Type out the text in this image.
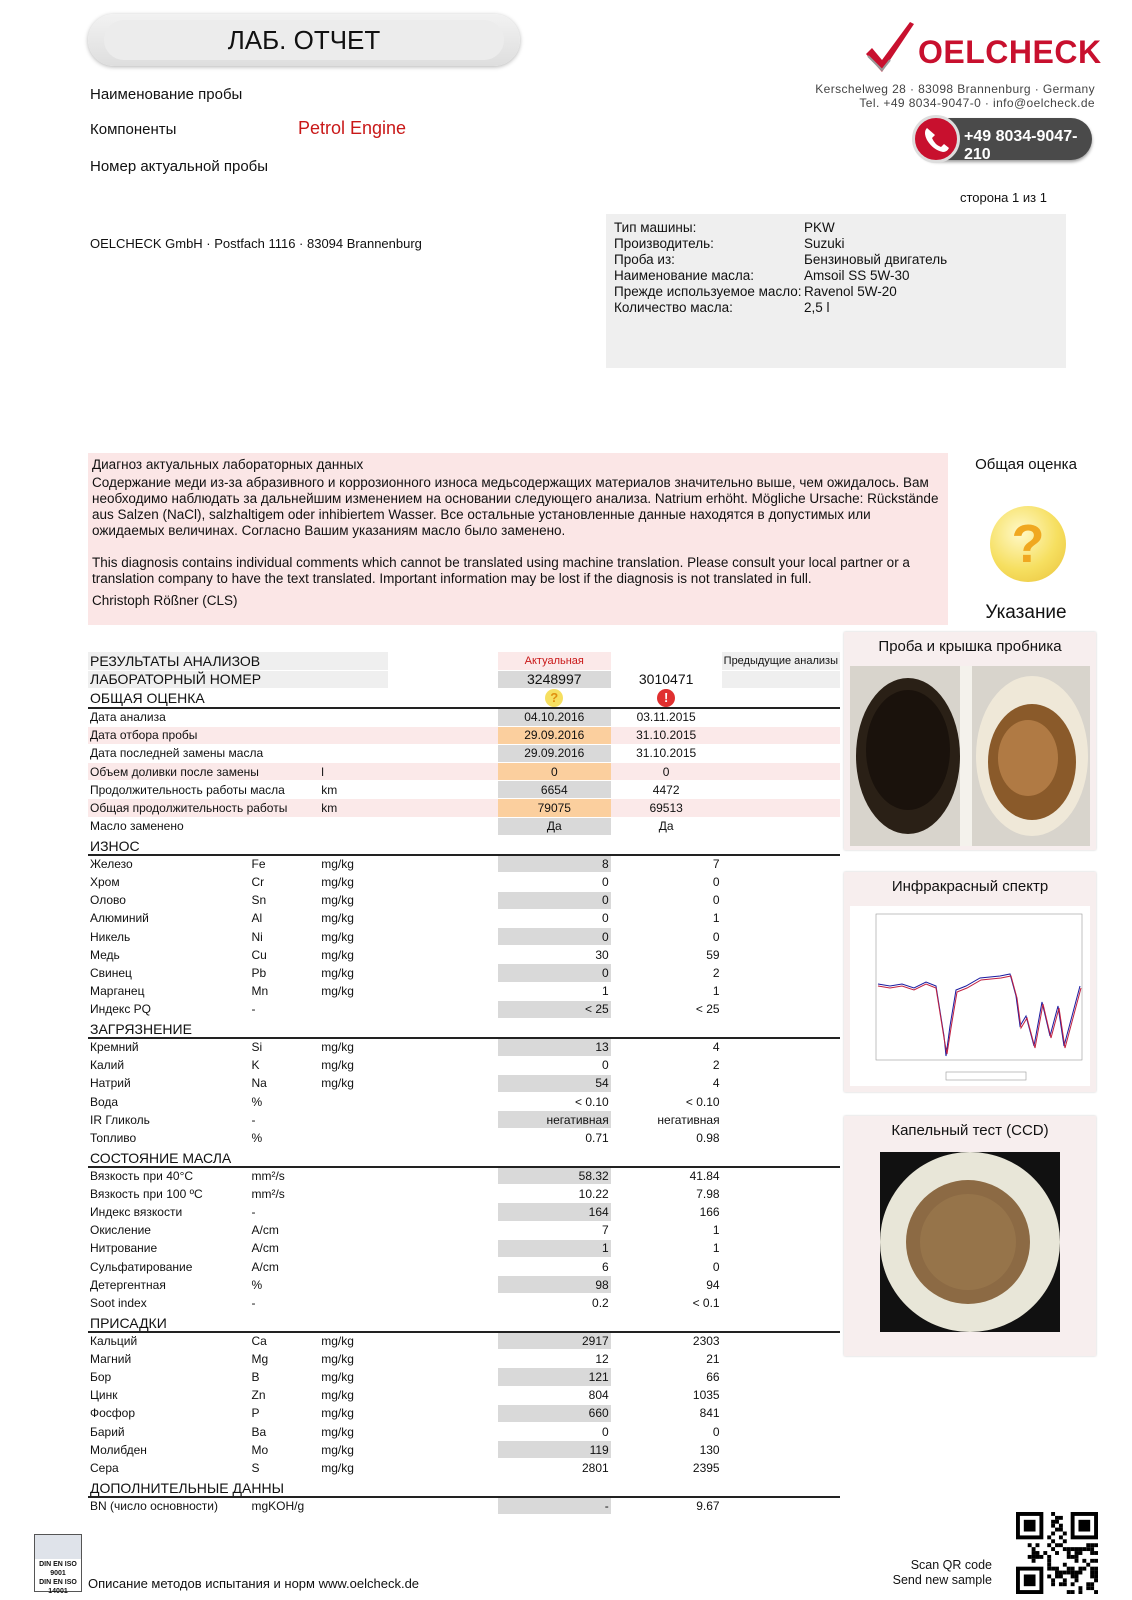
ЛАБ. ОТЧЕТ
Наименование пробы
Компоненты	Petrol Engine
Номер актуальной пробы
OELCHECK GmbH · Postfach 1116 · 83094 Brannenburg
OELCHECK
Kerschelweg 28 · 83098 Brannenburg · Germany
Tel. +49 8034-9047-0 · info@oelcheck.de
+49 8034-9047-210
сторона 1 из 1
Тип машины:	PKW
Производитель:	Suzuki
Проба из:	Бензиновый двигатель
Наименование масла:	Amsoil SS 5W-30
Прежде используемое масло: Ravenol 5W-20
Количество масла:	2,5 l
Диагноз актуальных лабораторных данных
Содержание меди из-за абразивного и коррозионного износа медьсодержащих материалов значительно выше, чем ожидалось. Вам необходимо наблюдать за дальнейшим изменением на основании следующего анализа. Natrium erhöht. Mögliche Ursache: Rückstände aus Salzen (NaCl), salzhaltigem oder inhibiertem Wasser. Все остальные установленные данные находятся в допустимых или ожидаемых величинах. Согласно Вашим указаниям масло было заменено.
This diagnosis contains individual comments which cannot be translated using machine translation. Please consult your local partner or a translation company to have the text translated. Important information may be lost if the diagnosis is not translated in full.
Christoph Rößner (CLS)
Общая оценка
?
Указание
РЕЗУЛЬТАТЫ АНАЛИЗОВ				Актуальная		Предыдущие анализы	
ЛАБОРАТОРНЫЙ НОМЕР				3248997	3010471		
ОБЩАЯ ОЦЕНКА				?	!		
Дата анализа				04.10.2016	03.11.2015		
Дата отбора пробы				29.09.2016	31.10.2015		
Дата последней замены масла				29.09.2016	31.10.2015		
Объем доливки после замены		l		0	0		
Продолжительность работы масла		km		6654	4472		
Общая продолжительность работы		km		79075	69513		
Масло заменено				Да	Да		
ИЗНОС							
Железо	Fe	mg/kg		8	7		
Хром	Cr	mg/kg		0	0		
Олово	Sn	mg/kg		0	0		
Алюминий	Al	mg/kg		0	1		
Никель	Ni	mg/kg		0	0		
Медь	Cu	mg/kg		30	59		
Свинец	Pb	mg/kg		0	2		
Марганец	Mn	mg/kg		1	1		
Индекс PQ	-			< 25	< 25		
ЗАГРЯЗНЕНИЕ							
Кремний	Si	mg/kg		13	4		
Калий	K	mg/kg		0	2		
Натрий	Na	mg/kg		54	4		
Вода	%			< 0.10	< 0.10		
IR Гликоль	-			негативная	негативная		
Топливо	%			0.71	0.98		
СОСТОЯНИЕ МАСЛА							
Вязкость при 40°C	mm²/s			58.32	41.84		
Вязкость при 100 ºC	mm²/s			10.22	7.98		
Индекс вязкости	-			164	166		
Окисление	A/cm			7	1		
Нитрование	A/cm			1	1		
Сульфатирование	A/cm			6	0		
Детергентная	%			98	94		
Soot index	-			0.2	< 0.1		
ПРИСАДКИ							
Кальций	Ca	mg/kg		2917	2303		
Магний	Mg	mg/kg		12	21		
Бор	B	mg/kg		121	66		
Цинк	Zn	mg/kg		804	1035		
Фосфор	P	mg/kg		660	841		
Барий	Ba	mg/kg		0	0		
Молибден	Mo	mg/kg		119	130		
Сера	S	mg/kg		2801	2395		
ДОПОЛНИТЕЛЬНЫЕ ДАННЫ							
BN (число основности)	mgKOH/g			-	9.67		
Проба и крышка пробника
Инфракрасный спектр
Капельный тест (CCD)
DIN EN ISO
9001
DIN EN ISO
14001
Описание методов испытания и норм www.oelcheck.de
Scan QR code
Send new sample
